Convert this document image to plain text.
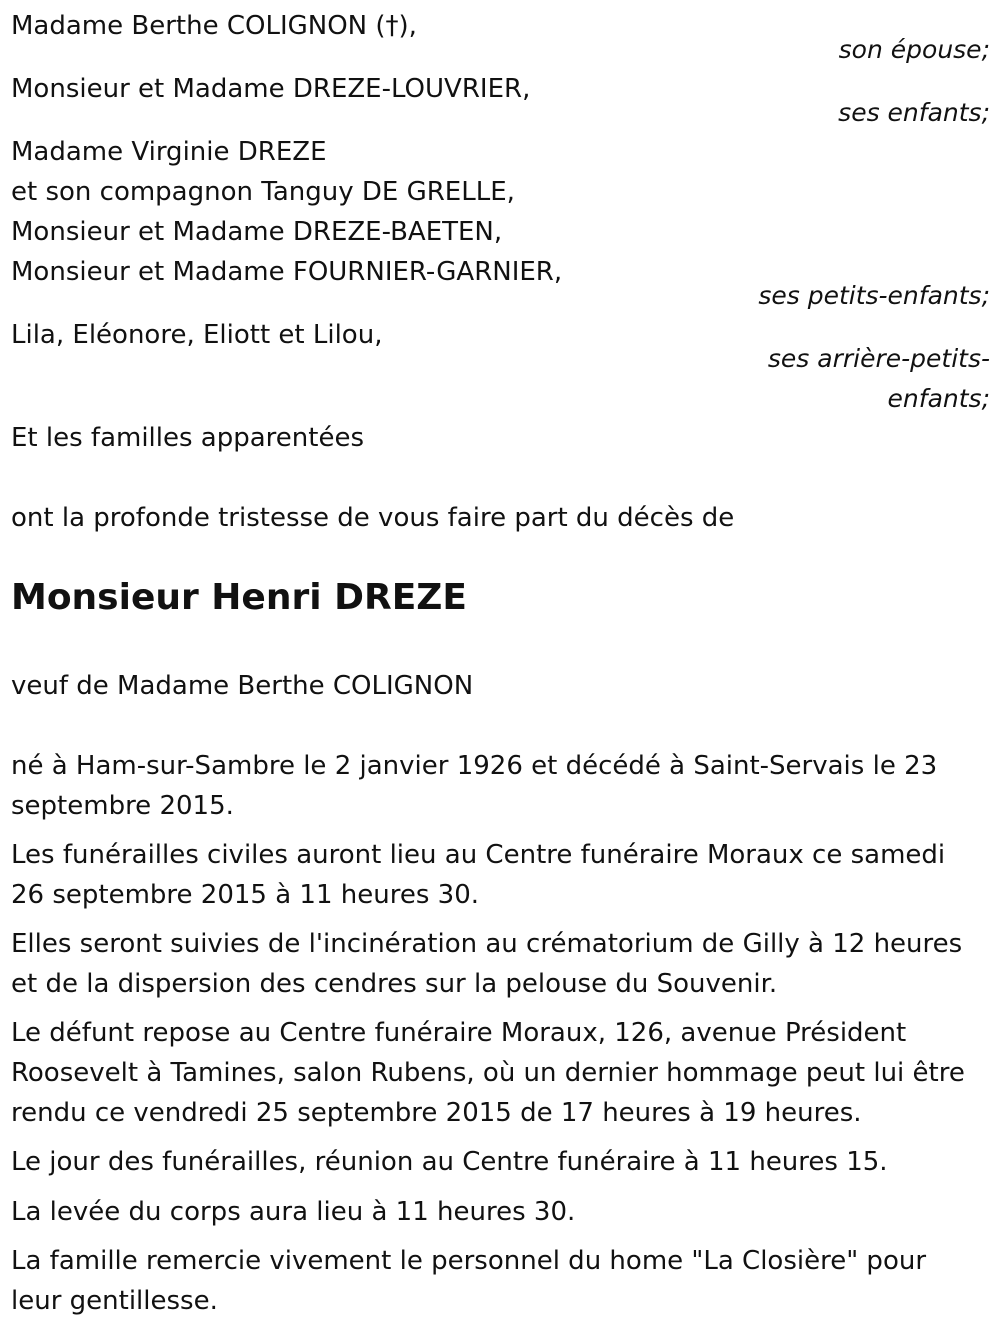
Madame Berthe COLIGNON (†),
son épouse;
Monsieur et Madame DREZE-LOUVRIER,
ses enfants;
Madame Virginie DREZE
et son compagnon Tanguy DE GRELLE,
Monsieur et Madame DREZE-BAETEN,
Monsieur et Madame FOURNIER-GARNIER,
ses petits-enfants;
Lila, Eléonore, Eliott et Lilou,
ses arrière-petits-
enfants;
Et les familles apparentées
ont la profonde tristesse de vous faire part du décès de
Monsieur Henri DREZE
veuf de Madame Berthe COLIGNON
né à Ham-sur-Sambre le 2 janvier 1926 et décédé à Saint-Servais le 23
septembre 2015.
Les funérailles civiles auront lieu au Centre funéraire Moraux ce samedi
26 septembre 2015 à 11 heures 30.
Elles seront suivies de l'incinération au crématorium de Gilly à 12 heures
et de la dispersion des cendres sur la pelouse du Souvenir.
Le défunt repose au Centre funéraire Moraux, 126, avenue Président
Roosevelt à Tamines, salon Rubens, où un dernier hommage peut lui être
rendu ce vendredi 25 septembre 2015 de 17 heures à 19 heures.
Le jour des funérailles, réunion au Centre funéraire à 11 heures 15.
La levée du corps aura lieu à 11 heures 30.
La famille remercie vivement le personnel du home "La Closière" pour
leur gentillesse.
